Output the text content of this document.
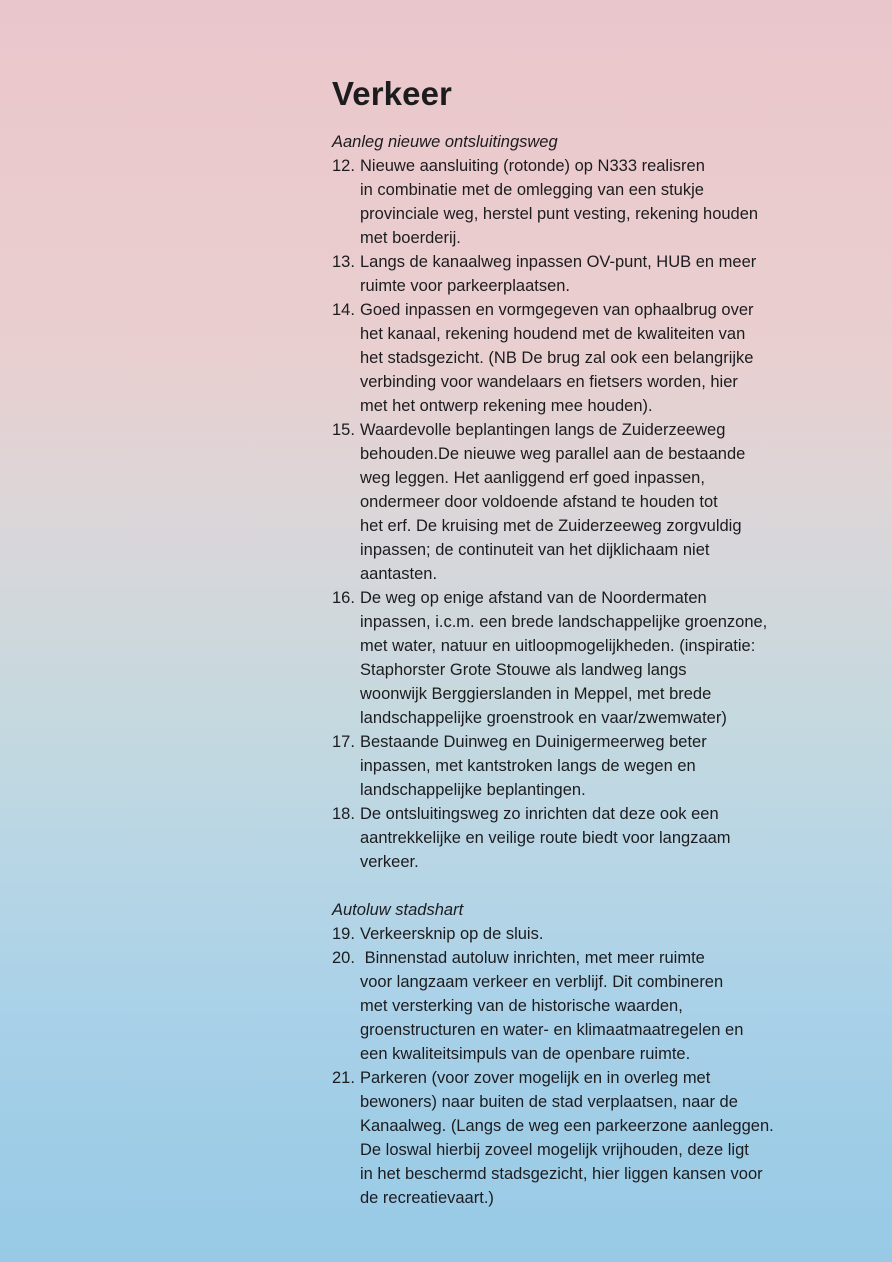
Verkeer

Aanleg nieuwe ontsluitingsweg

12. Nieuwe aansluiting (rotonde) op N333 realisren
in combinatie met de omlegging van een stukje
provinciale weg, herstel punt vesting, rekening houden
met boerderij.
13. Langs de kanaalweg inpassen OV-punt, HUB en meer
ruimte voor parkeerplaatsen.
14. Goed inpassen en vormgegeven van ophaalbrug over
het kanaal, rekening houdend met de kwaliteiten van
het stadsgezicht. (NB De brug zal ook een belangrijke
verbinding voor wandelaars en fietsers worden, hier
met het ontwerp rekening mee houden).
15. Waardevolle beplantingen langs de Zuiderzeeweg
behouden.De nieuwe weg parallel aan de bestaande
weg leggen. Het aanliggend erf goed inpassen,
ondermeer door voldoende afstand te houden tot
het erf. De kruising met de Zuiderzeeweg zorgvuldig
inpassen; de continuteit van het dijklichaam niet
aantasten.
16. De weg op enige afstand van de Noordermaten
inpassen, i.c.m. een brede landschappelijke groenzone,
met water, natuur en uitloopmogelijkheden. (inspiratie:
Staphorster Grote Stouwe als landweg langs
woonwijk Berggierslanden in Meppel, met brede
landschappelijke groenstrook en vaar/zwemwater)
17. Bestaande Duinweg en Duinigermeerweg beter
inpassen, met kantstroken langs de wegen en
landschappelijke beplantingen.
18. De ontsluitingsweg zo inrichten dat deze ook een
aantrekkelijke en veilige route biedt voor langzaam
verkeer.

Autoluw stadshart

19. Verkeersknip op de sluis.
20. Binnenstad autoluw inrichten, met meer ruimte
voor langzaam verkeer en verblijf. Dit combineren
met versterking van de historische waarden,
groenstructuren en water- en klimaatmaatregelen en
een kwaliteitsimpuls van de openbare ruimte.
21. Parkeren (voor zover mogelijk en in overleg met
bewoners) naar buiten de stad verplaatsen, naar de
Kanaalweg. (Langs de weg een parkeerzone aanleggen.
De loswal hierbij zoveel mogelijk vrijhouden, deze ligt
in het beschermd stadsgezicht, hier liggen kansen voor
de recreatievaart.)
